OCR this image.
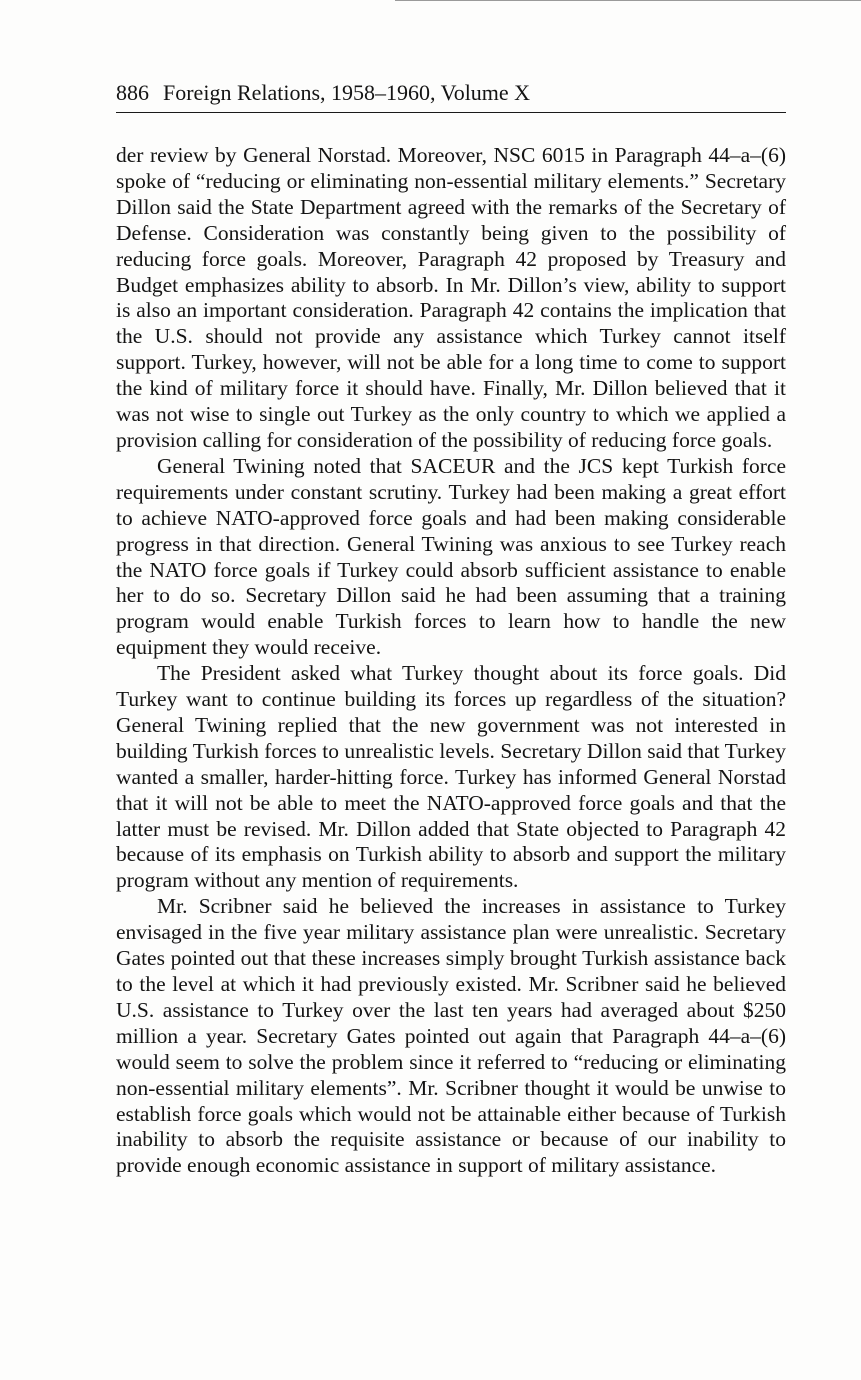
886 Foreign Relations, 1958–1960, Volume X

der review by General Norstad. Moreover, NSC 6015 in Paragraph 44–a–(6) spoke of “reducing or eliminating non-essential military elements.” Secretary Dillon said the State Department agreed with the remarks of the Secretary of Defense. Consideration was constantly being given to the possibility of reducing force goals. Moreover, Paragraph 42 proposed by Treasury and Budget emphasizes ability to absorb. In Mr. Dillon’s view, ability to support is also an important consideration. Paragraph 42 contains the implication that the U.S. should not provide any assistance which Turkey cannot itself support. Turkey, however, will not be able for a long time to come to support the kind of military force it should have. Finally, Mr. Dillon believed that it was not wise to single out Turkey as the only country to which we applied a provision calling for consideration of the possibility of reducing force goals.

General Twining noted that SACEUR and the JCS kept Turkish force requirements under constant scrutiny. Turkey had been making a great effort to achieve NATO-approved force goals and had been making considerable progress in that direction. General Twining was anxious to see Turkey reach the NATO force goals if Turkey could absorb sufficient assistance to enable her to do so. Secretary Dillon said he had been assuming that a training program would enable Turkish forces to learn how to handle the new equipment they would receive.

The President asked what Turkey thought about its force goals. Did Turkey want to continue building its forces up regardless of the situation? General Twining replied that the new government was not interested in building Turkish forces to unrealistic levels. Secretary Dillon said that Turkey wanted a smaller, harder-hitting force. Turkey has informed General Norstad that it will not be able to meet the NATO-approved force goals and that the latter must be revised. Mr. Dillon added that State objected to Paragraph 42 because of its emphasis on Turkish ability to absorb and support the military program without any mention of requirements.

Mr. Scribner said he believed the increases in assistance to Turkey envisaged in the five year military assistance plan were unrealistic. Secretary Gates pointed out that these increases simply brought Turkish assistance back to the level at which it had previously existed. Mr. Scribner said he believed U.S. assistance to Turkey over the last ten years had averaged about $250 million a year. Secretary Gates pointed out again that Paragraph 44–a–(6) would seem to solve the problem since it referred to “reducing or eliminating non-essential military elements”. Mr. Scribner thought it would be unwise to establish force goals which would not be attainable either because of Turkish inability to absorb the requisite assistance or because of our inability to provide enough economic assistance in support of military assistance.
